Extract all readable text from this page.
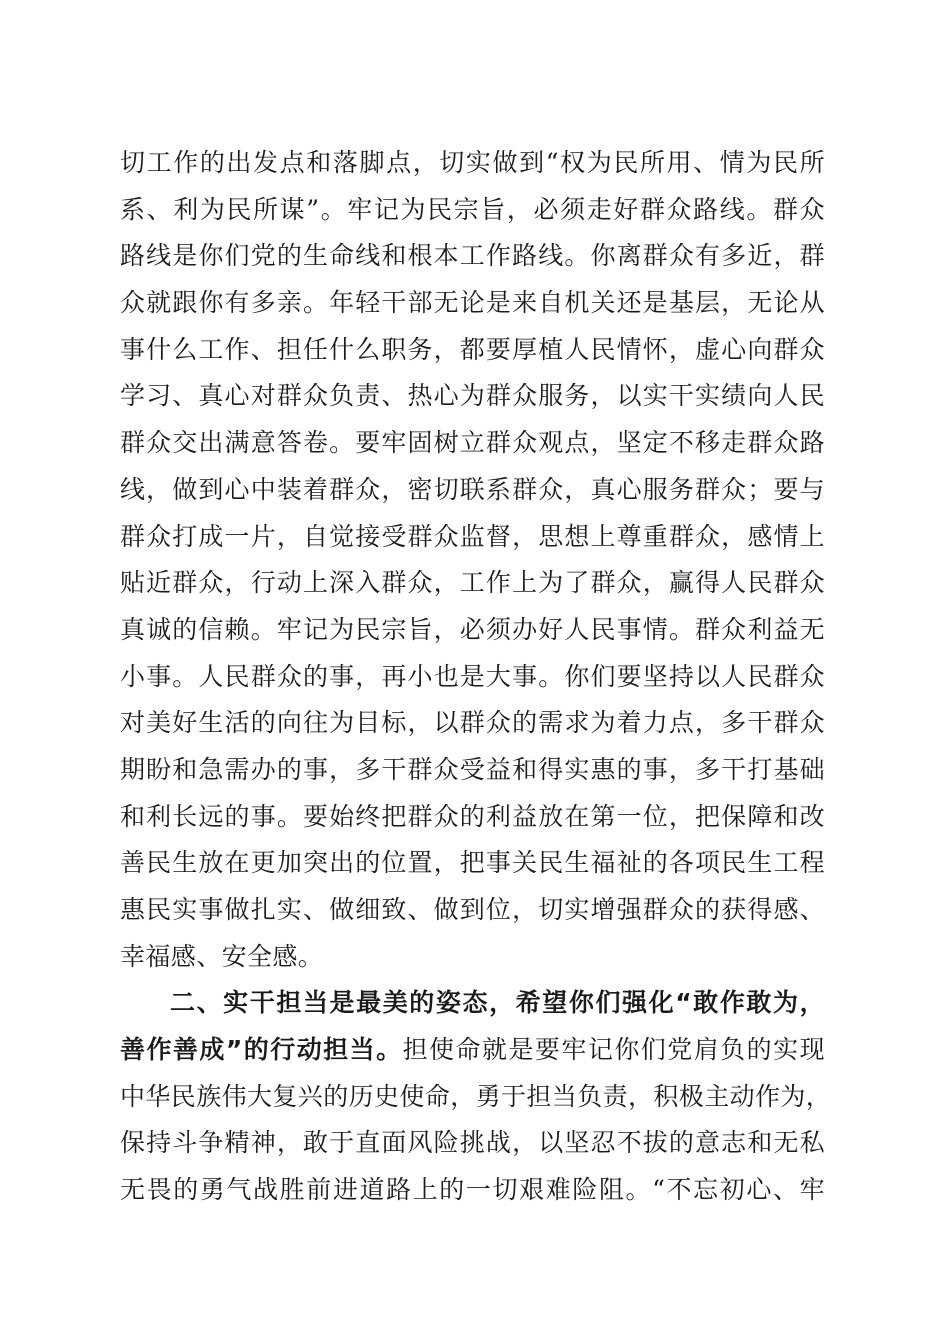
切工作的出发点和落脚点，切实做到“权为民所用、情为民所
系、利为民所谋”。牢记为民宗旨，必须走好群众路线。群众
路线是你们党的生命线和根本工作路线。你离群众有多近，群
众就跟你有多亲。年轻干部无论是来自机关还是基层，无论从
事什么工作、担任什么职务，都要厚植人民情怀，虚心向群众
学习、真心对群众负责、热心为群众服务，以实干实绩向人民
群众交出满意答卷。要牢固树立群众观点，坚定不移走群众路
线，做到心中装着群众，密切联系群众，真心服务群众；要与
群众打成一片，自觉接受群众监督，思想上尊重群众，感情上
贴近群众，行动上深入群众，工作上为了群众，赢得人民群众
真诚的信赖。牢记为民宗旨，必须办好人民事情。群众利益无
小事。人民群众的事，再小也是大事。你们要坚持以人民群众
对美好生活的向往为目标，以群众的需求为着力点，多干群众
期盼和急需办的事，多干群众受益和得实惠的事，多干打基础
和利长远的事。要始终把群众的利益放在第一位，把保障和改
善民生放在更加突出的位置，把事关民生福祉的各项民生工程
惠民实事做扎实、做细致、做到位，切实增强群众的获得感、
幸福感、安全感。
二、实干担当是最美的姿态，希望你们强化“敢作敢为，
善作善成”的行动担当。担使命就是要牢记你们党肩负的实现
中华民族伟大复兴的历史使命，勇于担当负责，积极主动作为，
保持斗争精神，敢于直面风险挑战，以坚忍不拔的意志和无私
无畏的勇气战胜前进道路上的一切艰难险阻。“不忘初心、牢
